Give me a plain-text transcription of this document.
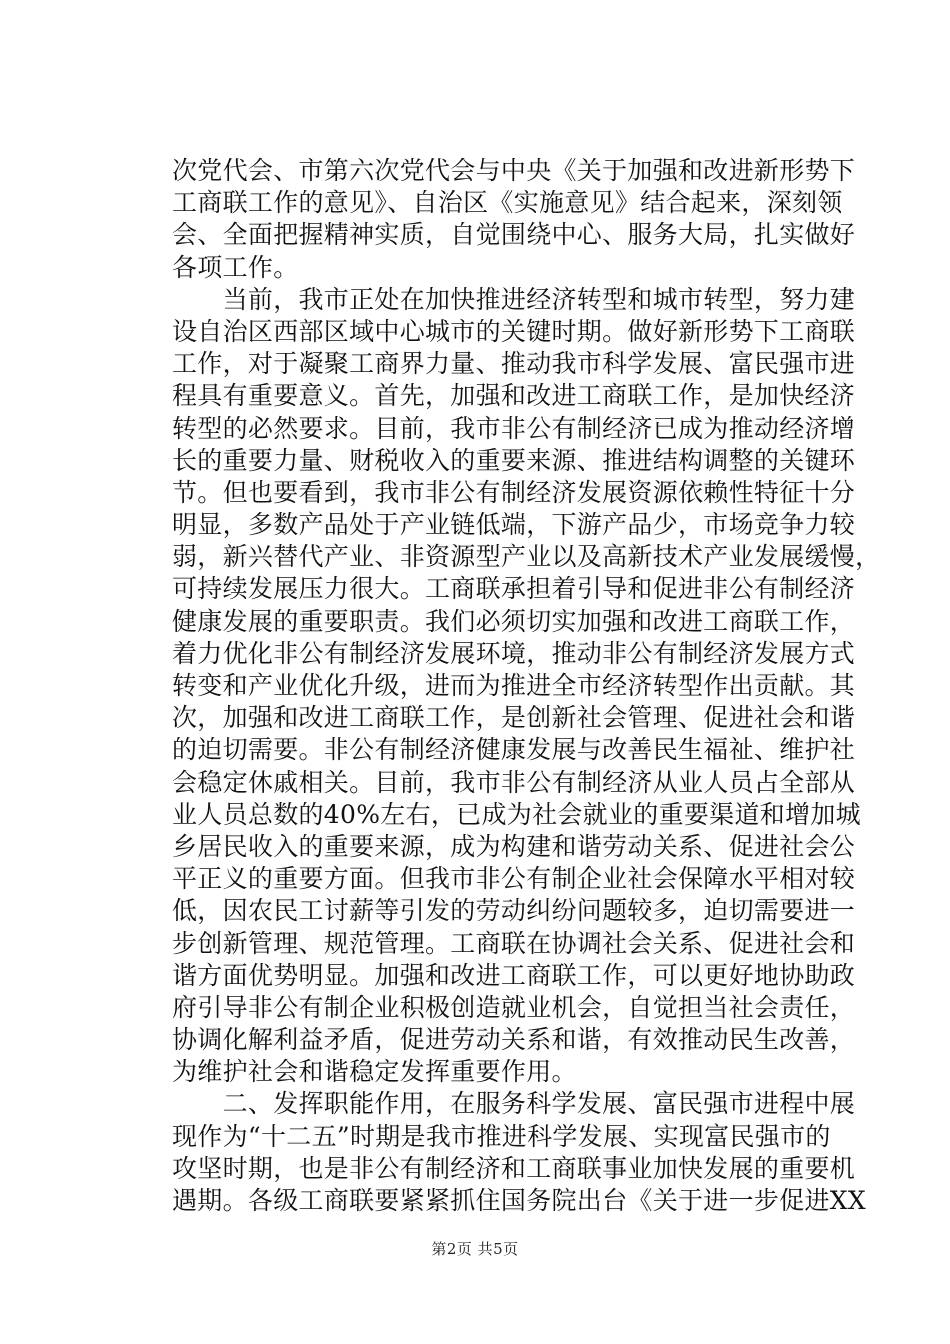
次党代会、市第六次党代会与中央《关于加强和改进新形势下
工商联工作的意见》、自治区《实施意见》结合起来，深刻领
会、全面把握精神实质，自觉围绕中心、服务大局，扎实做好
各项工作。
　　当前，我市正处在加快推进经济转型和城市转型，努力建
设自治区西部区域中心城市的关键时期。做好新形势下工商联
工作，对于凝聚工商界力量、推动我市科学发展、富民强市进
程具有重要意义。首先，加强和改进工商联工作，是加快经济
转型的必然要求。目前，我市非公有制经济已成为推动经济增
长的重要力量、财税收入的重要来源、推进结构调整的关键环
节。但也要看到，我市非公有制经济发展资源依赖性特征十分
明显，多数产品处于产业链低端，下游产品少，市场竞争力较
弱，新兴替代产业、非资源型产业以及高新技术产业发展缓慢，
可持续发展压力很大。工商联承担着引导和促进非公有制经济
健康发展的重要职责。我们必须切实加强和改进工商联工作，
着力优化非公有制经济发展环境，推动非公有制经济发展方式
转变和产业优化升级，进而为推进全市经济转型作出贡献。其
次，加强和改进工商联工作，是创新社会管理、促进社会和谐
的迫切需要。非公有制经济健康发展与改善民生福祉、维护社
会稳定休戚相关。目前，我市非公有制经济从业人员占全部从
业人员总数的40%左右，已成为社会就业的重要渠道和增加城
乡居民收入的重要来源，成为构建和谐劳动关系、促进社会公
平正义的重要方面。但我市非公有制企业社会保障水平相对较
低，因农民工讨薪等引发的劳动纠纷问题较多，迫切需要进一
步创新管理、规范管理。工商联在协调社会关系、促进社会和
谐方面优势明显。加强和改进工商联工作，可以更好地协助政
府引导非公有制企业积极创造就业机会，自觉担当社会责任，
协调化解利益矛盾，促进劳动关系和谐，有效推动民生改善，
为维护社会和谐稳定发挥重要作用。
　　二、发挥职能作用，在服务科学发展、富民强市进程中展
现作为“十二五”时期是我市推进科学发展、实现富民强市的
攻坚时期，也是非公有制经济和工商联事业加快发展的重要机
遇期。各级工商联要紧紧抓住国务院出台《关于进一步促进XX
第2页 共5页
